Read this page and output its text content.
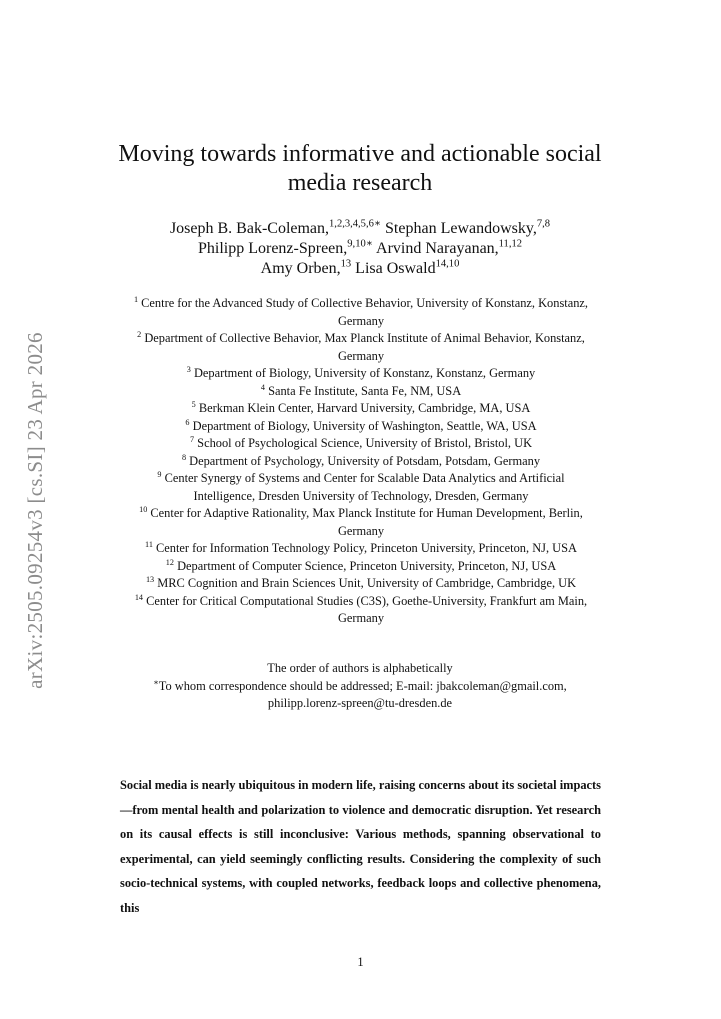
arXiv:2505.09254v3 [cs.SI] 23 Apr 2026
Moving towards informative and actionable social
media research
Joseph B. Bak-Coleman,$^{1,2,3,4,5,6∗}$ Stephan Lewandowsky,$^{7,8}$
Philipp Lorenz-Spreen,$^{9,10∗}$ Arvind Narayanan,$^{11,12}$
Amy Orben,$^{13}$ Lisa Oswald$^{14,10}$
$^1$ Centre for the Advanced Study of Collective Behavior, University of Konstanz, Konstanz,
Germany
$^2$ Department of Collective Behavior, Max Planck Institute of Animal Behavior, Konstanz,
Germany
$^3$ Department of Biology, University of Konstanz, Konstanz, Germany
$^4$ Santa Fe Institute, Santa Fe, NM, USA
$^5$ Berkman Klein Center, Harvard University, Cambridge, MA, USA
$^6$ Department of Biology, University of Washington, Seattle, WA, USA
$^7$ School of Psychological Science, University of Bristol, Bristol, UK
$^8$ Department of Psychology, University of Potsdam, Potsdam, Germany
$^9$ Center Synergy of Systems and Center for Scalable Data Analytics and Artificial
Intelligence, Dresden University of Technology, Dresden, Germany
$^{10}$ Center for Adaptive Rationality, Max Planck Institute for Human Development, Berlin,
Germany
$^{11}$ Center for Information Technology Policy, Princeton University, Princeton, NJ, USA
$^{12}$ Department of Computer Science, Princeton University, Princeton, NJ, USA
$^{13}$ MRC Cognition and Brain Sciences Unit, University of Cambridge, Cambridge, UK
$^{14}$ Center for Critical Computational Studies (C3S), Goethe-University, Frankfurt am Main,
Germany
The order of authors is alphabetically
∗To whom correspondence should be addressed; E-mail: jbakcoleman@gmail.com,
philipp.lorenz-spreen@tu-dresden.de
Social media is nearly ubiquitous in modern life, raising concerns about its societal impacts—from mental health and polarization to violence and democratic disruption. Yet research on its causal effects is still inconclusive: Various methods, spanning observational to experimental, can yield seemingly conflicting results. Considering the complexity of such socio-technical systems, with coupled networks, feedback loops and collective phenomena, this
1
